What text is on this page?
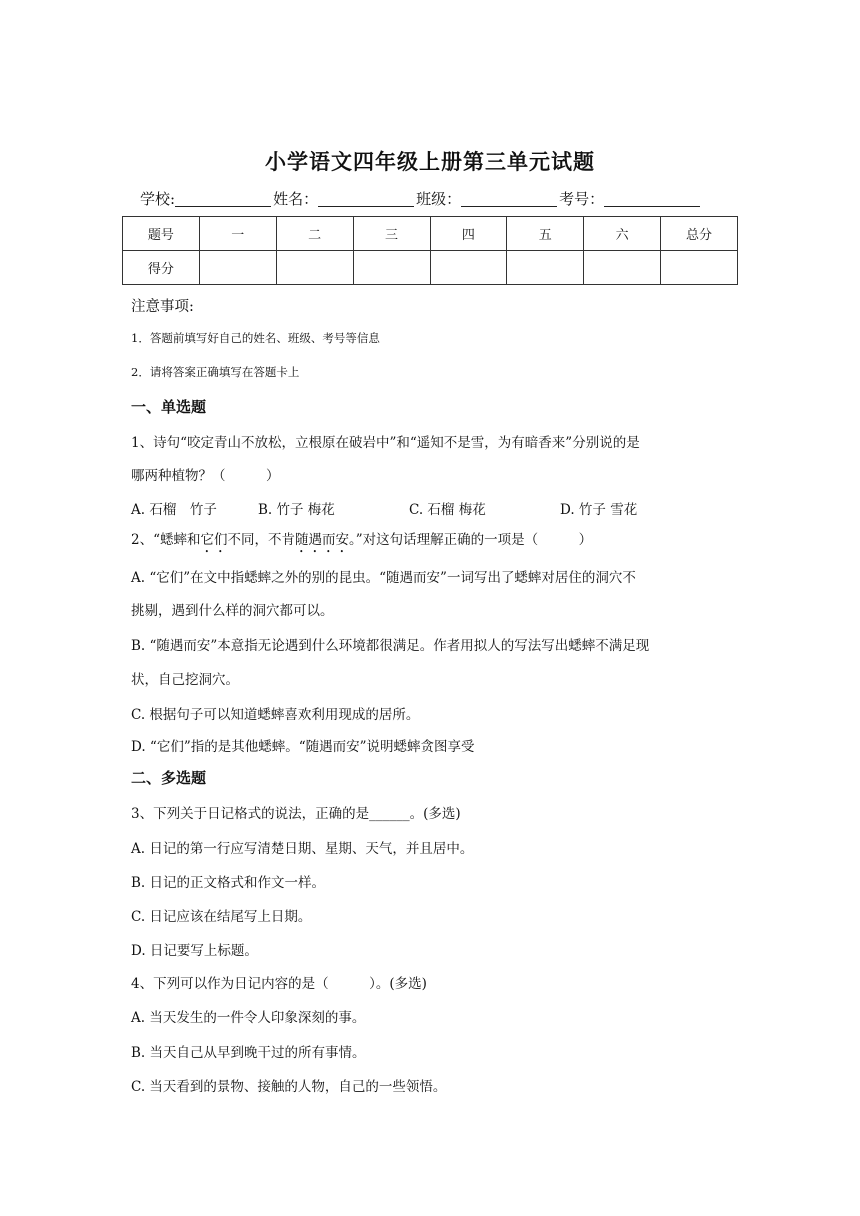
小学语文四年级上册第三单元试题
学校:	姓名：	班级：	考号：
题号	一	二	三	四	五	六	总分
得分							
注意事项:
1．答题前填写好自己的姓名、班级、考号等信息
2．请将答案正确填写在答题卡上
一、单选题
1、诗句“咬定青山不放松，立根原在破岩中”和“遥知不是雪，为有暗香来”分别说的是
哪两种植物？（　　　）
A. 石榴　竹子	B. 竹子 梅花	C. 石榴 梅花	D. 竹子 雪花
2、“蟋蟀和它们不同，不肯随遇而安。”对这句话理解正确的一项是（　　　）
A. “它们”在文中指蟋蟀之外的别的昆虫。“随遇而安”一词写出了蟋蟀对居住的洞穴不
挑剔，遇到什么样的洞穴都可以。
B. “随遇而安”本意指无论遇到什么环境都很满足。作者用拟人的写法写出蟋蟀不满足现
状，自己挖洞穴。
C. 根据句子可以知道蟋蟀喜欢利用现成的居所。
D. “它们”指的是其他蟋蟀。“随遇而安”说明蟋蟀贪图享受
二、多选题
3、下列关于日记格式的说法，正确的是______。(多选)
A. 日记的第一行应写清楚日期、星期、天气，并且居中。
B. 日记的正文格式和作文一样。
C. 日记应该在结尾写上日期。
D. 日记要写上标题。
4、下列可以作为日记内容的是（　　　）。(多选)
A. 当天发生的一件令人印象深刻的事。
B. 当天自己从早到晚干过的所有事情。
C. 当天看到的景物、接触的人物，自己的一些领悟。
